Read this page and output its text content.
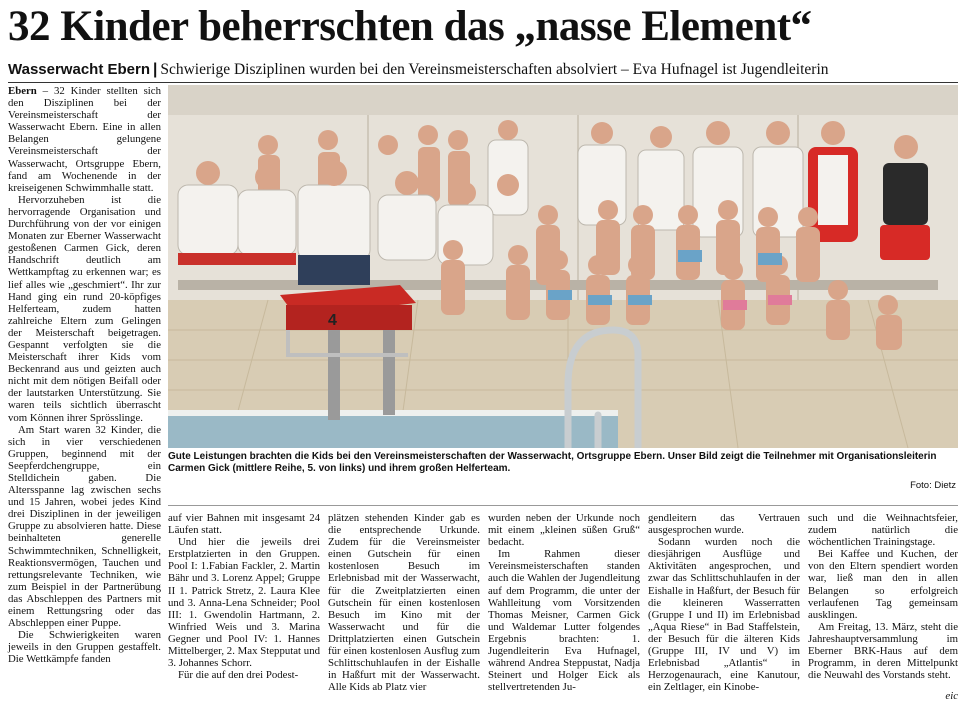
32 Kinder beherrschten das „nasse Element“
Wasserwacht Ebern | Schwierige Disziplinen wurden bei den Vereinsmeisterschaften absolviert – Eva Hufnagel ist Jugendleiterin

Ebern – 32 Kinder stellten sich den Disziplinen bei der Vereinsmeisterschaft der Wasserwacht Ebern. Eine in allen Belangen gelungene Vereinsmeisterschaft der Wasserwacht, Ortsgruppe Ebern, fand am Wochenende in der kreiseigenen Schwimmhalle statt.

Hervorzuheben ist die hervorragende Organisation und Durchführung von der vor einigen Monaten zur Eberner Wasserwacht gestoßenen Carmen Gick, deren Handschrift deutlich am Wettkampftag zu erkennen war; es lief alles wie „geschmiert“. Ihr zur Hand ging ein rund 20-köpfiges Helferteam, zudem hatten zahlreiche Eltern zum Gelingen der Meisterschaft beigetragen. Gespannt verfolgten sie die Meisterschaft ihrer Kids vom Beckenrand aus und geizten auch nicht mit dem nötigen Beifall oder der lautstarken Unterstützung. Sie waren teils sichtlich überrascht vom Können ihrer Sprösslinge.

Am Start waren 32 Kinder, die sich in vier verschiedenen Gruppen, beginnend mit der Seepferdchengruppe, ein Stelldichein gaben. Die Altersspanne lag zwischen sechs und 15 Jahren, wobei jedes Kind drei Disziplinen in der jeweiligen Gruppe zu absolvieren hatte. Diese beinhalteten generelle Schwimmtechniken, Schnelligkeit, Reaktionsvermögen, Tauchen und rettungsrelevante Techniken, wie zum Beispiel in der Partnerübung das Abschleppen des Partners mit einem Rettungsring oder das Abschleppen einer Puppe.

Die Schwierigkeiten waren jeweils in den Gruppen gestaffelt. Die Wettkämpfe fanden

4
Gute Leistungen brachten die Kids bei den Vereinsmeisterschaften der Wasserwacht, Ortsgruppe Ebern. Unser Bild zeigt die Teilnehmer mit Organisationsleiterin Carmen Gick (mittlere Reihe, 5. von links) und ihrem großen Helferteam.
Foto: Dietz

auf vier Bahnen mit insgesamt 24 Läufen statt.

Und hier die jeweils drei Erstplatzierten in den Gruppen. Pool I: 1.Fabian Fackler, 2. Martin Bähr und 3. Lorenz Appel; Gruppe II 1. Patrick Stretz, 2. Laura Klee und 3. Anna-Lena Schneider; Pool III: 1. Gwendolin Hartmann, 2. Winfried Weis und 3. Marina Gegner und Pool IV: 1. Hannes Mittelberger, 2. Max Stepputat und 3. Johannes Schorr.

Für die auf den drei Podest-

plätzen stehenden Kinder gab es die entsprechende Urkunde. Zudem für die Vereinsmeister einen Gutschein für einen kostenlosen Besuch im Erlebnisbad mit der Wasserwacht, für die Zweitplatzierten einen Gutschein für einen kostenlosen Besuch im Kino mit der Wasserwacht und für die Drittplatzierten einen Gutschein für einen kostenlosen Ausflug zum Schlittschuhlaufen in der Eishalle in Haßfurt mit der Wasserwacht. Alle Kids ab Platz vier

wurden neben der Urkunde noch mit einem „kleinen süßen Gruß“ bedacht.

Im Rahmen dieser Vereinsmeisterschaften standen auch die Wahlen der Jugendleitung auf dem Programm, die unter der Wahlleitung vom Vorsitzenden Thomas Meisner, Carmen Gick und Waldemar Lutter folgendes Ergebnis brachten: 1. Jugendleiterin Eva Hufnagel, während Andrea Steppustat, Nadja Steinert und Holger Eick als stellvertretenden Ju-

gendleitern das Vertrauen ausgesprochen wurde.

Sodann wurden noch die diesjährigen Ausflüge und Aktivitäten angesprochen, und zwar das Schlittschuhlaufen in der Eishalle in Haßfurt, der Besuch für die kleineren Wasserratten (Gruppe I und II) im Erlebnisbad „Aqua Riese“ in Bad Staffelstein, der Besuch für die älteren Kids (Gruppe III, IV und V) im Erlebnisbad „Atlantis“ in Herzogenaurach, eine Kanutour, ein Zeltlager, ein Kinobe-

such und die Weihnachtsfeier, zudem natürlich die wöchentlichen Trainingstage.

Bei Kaffee und Kuchen, der von den Eltern spendiert worden war, ließ man den in allen Belangen so erfolgreich verlaufenen Tag gemeinsam ausklingen.

Am Freitag, 13. März, steht die Jahreshauptversammlung im Eberner BRK-Haus auf dem Programm, in deren Mittelpunkt die Neuwahl des Vorstands steht.

eic
